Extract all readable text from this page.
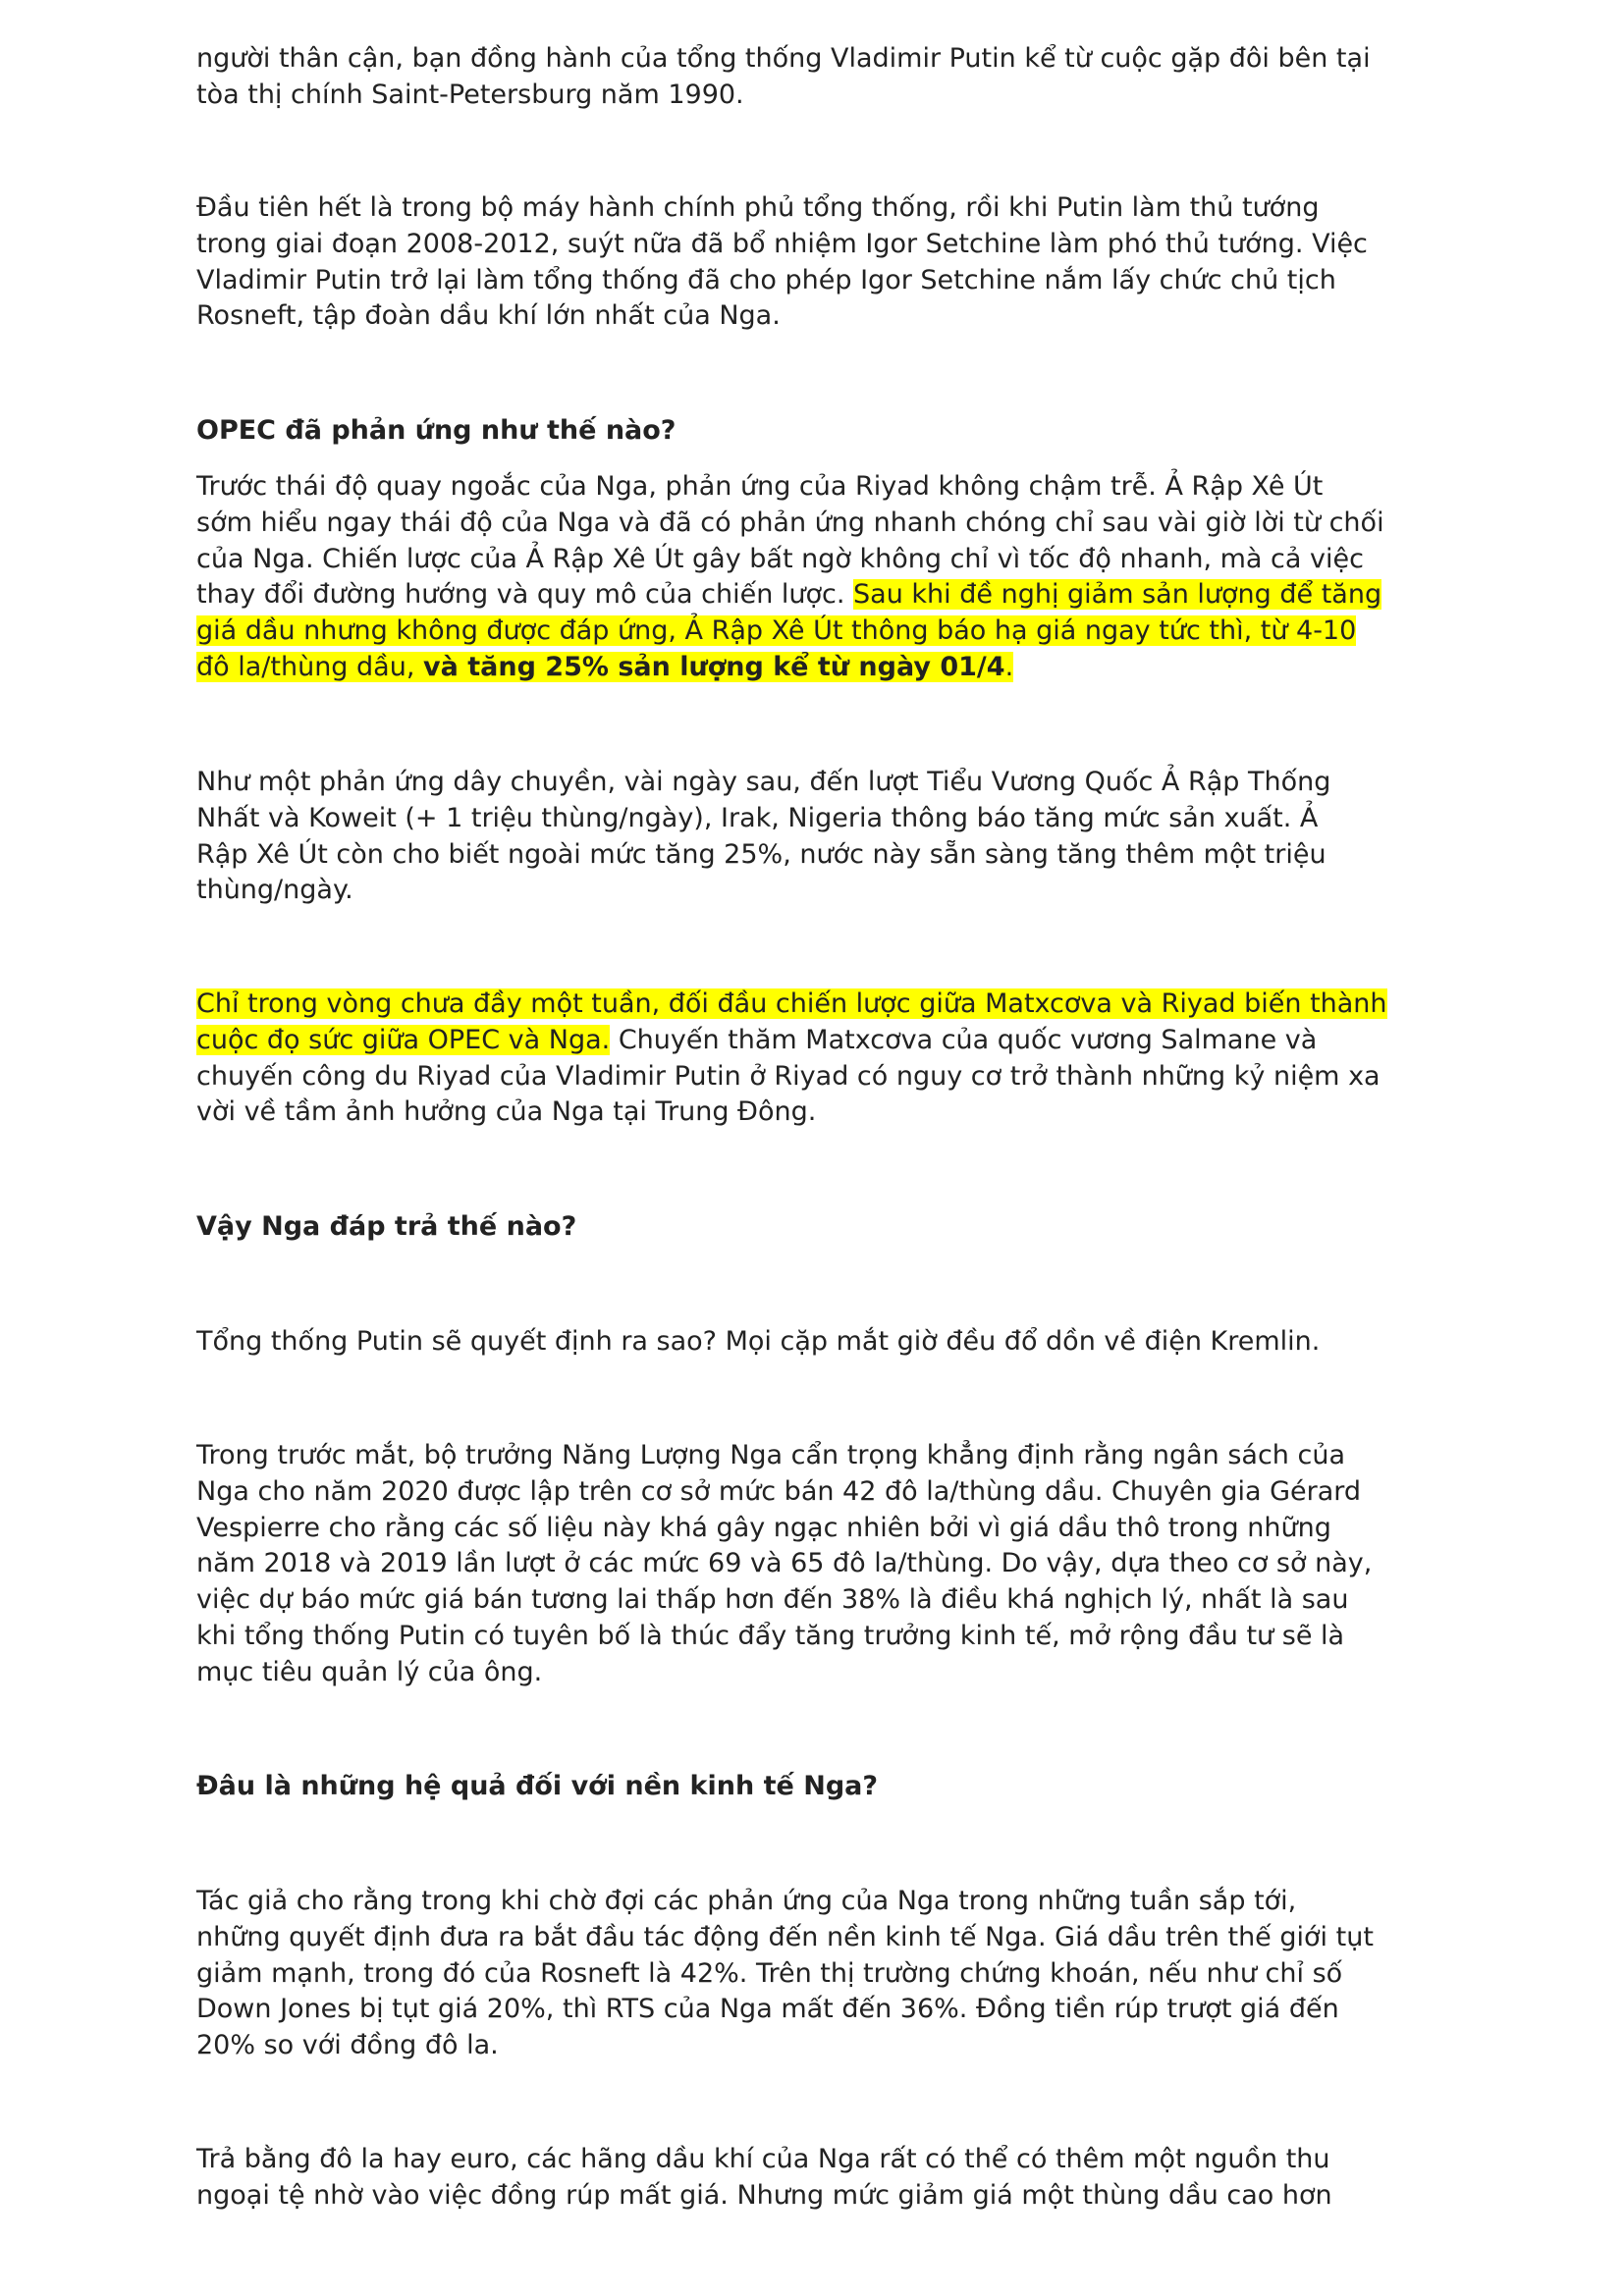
người thân cận, bạn đồng hành của tổng thống Vladimir Putin kể từ cuộc gặp đôi bên tại
tòa thị chính Saint-Petersburg năm 1990.
Đầu tiên hết là trong bộ máy hành chính phủ tổng thống, rồi khi Putin làm thủ tướng
trong giai đoạn 2008-2012, suýt nữa đã bổ nhiệm Igor Setchine làm phó thủ tướng. Việc
Vladimir Putin trở lại làm tổng thống đã cho phép Igor Setchine nắm lấy chức chủ tịch
Rosneft, tập đoàn dầu khí lớn nhất của Nga.
OPEC đã phản ứng như thế nào?
Trước thái độ quay ngoắc của Nga, phản ứng của Riyad không chậm trễ. Ả Rập Xê Út
sớm hiểu ngay thái độ của Nga và đã có phản ứng nhanh chóng chỉ sau vài giờ lời từ chối
của Nga. Chiến lược của Ả Rập Xê Út gây bất ngờ không chỉ vì tốc độ nhanh, mà cả việc
thay đổi đường hướng và quy mô của chiến lược. Sau khi đề nghị giảm sản lượng để tăng
giá dầu nhưng không được đáp ứng, Ả Rập Xê Út thông báo hạ giá ngay tức thì, từ 4-10
đô la/thùng dầu, và tăng 25% sản lượng kể từ ngày 01/4.
Như một phản ứng dây chuyền, vài ngày sau, đến lượt Tiểu Vương Quốc Ả Rập Thống
Nhất và Koweit (+ 1 triệu thùng/ngày), Irak, Nigeria thông báo tăng mức sản xuất. Ả
Rập Xê Út còn cho biết ngoài mức tăng 25%, nước này sẵn sàng tăng thêm một triệu
thùng/ngày.
Chỉ trong vòng chưa đầy một tuần, đối đầu chiến lược giữa Matxcơva và Riyad biến thành
cuộc đọ sức giữa OPEC và Nga. Chuyến thăm Matxcơva của quốc vương Salmane và
chuyến công du Riyad của Vladimir Putin ở Riyad có nguy cơ trở thành những kỷ niệm xa
vời về tầm ảnh hưởng của Nga tại Trung Đông.
Vậy Nga đáp trả thế nào?
Tổng thống Putin sẽ quyết định ra sao? Mọi cặp mắt giờ đều đổ dồn về điện Kremlin.
Trong trước mắt, bộ trưởng Năng Lượng Nga cẩn trọng khẳng định rằng ngân sách của
Nga cho năm 2020 được lập trên cơ sở mức bán 42 đô la/thùng dầu. Chuyên gia Gérard
Vespierre cho rằng các số liệu này khá gây ngạc nhiên bởi vì giá dầu thô trong những
năm 2018 và 2019 lần lượt ở các mức 69 và 65 đô la/thùng. Do vậy, dựa theo cơ sở này,
việc dự báo mức giá bán tương lai thấp hơn đến 38% là điều khá nghịch lý, nhất là sau
khi tổng thống Putin có tuyên bố là thúc đẩy tăng trưởng kinh tế, mở rộng đầu tư sẽ là
mục tiêu quản lý của ông.
Đâu là những hệ quả đối với nền kinh tế Nga?
Tác giả cho rằng trong khi chờ đợi các phản ứng của Nga trong những tuần sắp tới,
những quyết định đưa ra bắt đầu tác động đến nền kinh tế Nga. Giá dầu trên thế giới tụt
giảm mạnh, trong đó của Rosneft là 42%. Trên thị trường chứng khoán, nếu như chỉ số
Down Jones bị tụt giá 20%, thì RTS của Nga mất đến 36%. Đồng tiền rúp trượt giá đến
20% so với đồng đô la.
Trả bằng đô la hay euro, các hãng dầu khí của Nga rất có thể có thêm một nguồn thu
ngoại tệ nhờ vào việc đồng rúp mất giá. Nhưng mức giảm giá một thùng dầu cao hơn
